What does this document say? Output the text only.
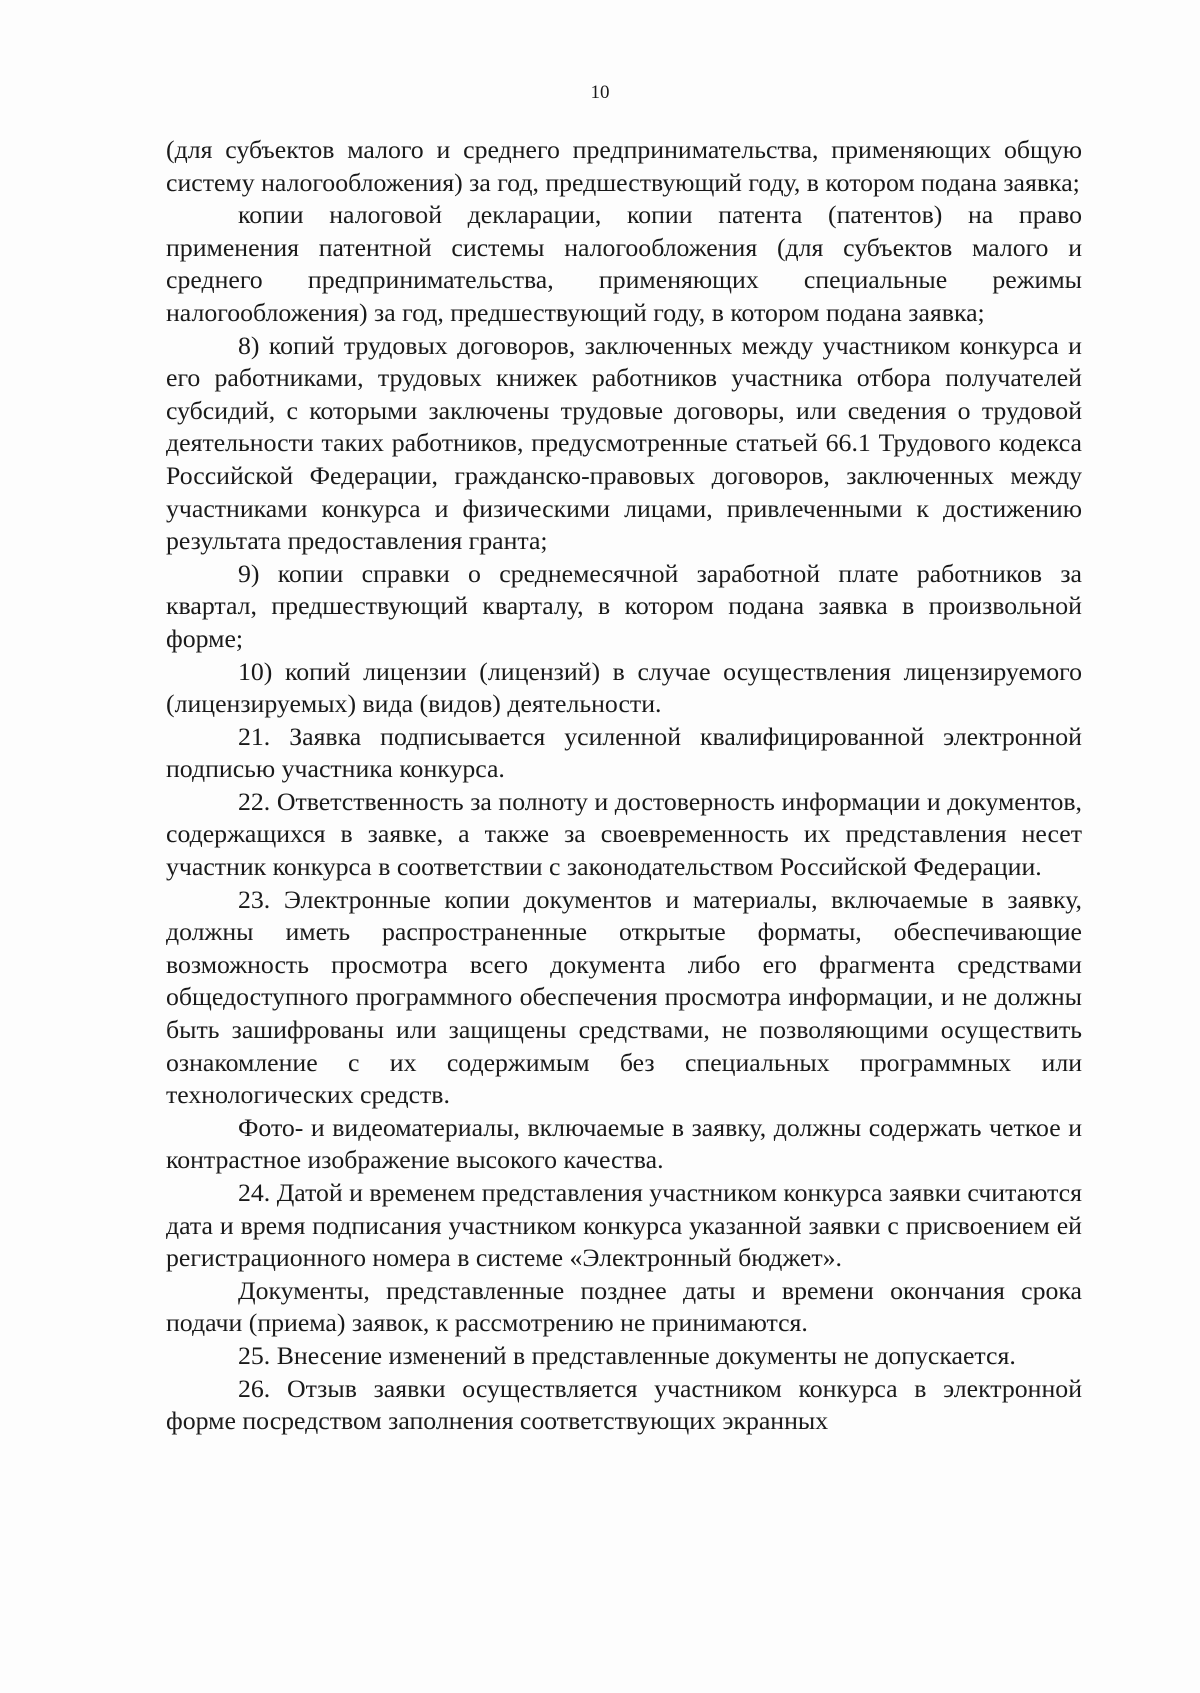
10

(для субъектов малого и среднего предпринимательства, применяющих общую систему налогообложения) за год, предшествующий году, в котором подана заявка;

копии налоговой декларации, копии патента (патентов) на право применения патентной системы налогообложения (для субъектов малого и среднего предпринимательства, применяющих специальные режимы налогообложения) за год, предшествующий году, в котором подана заявка;

8) копий трудовых договоров, заключенных между участником конкурса и его работниками, трудовых книжек работников участника отбора получателей субсидий, с которыми заключены трудовые договоры, или сведения о трудовой деятельности таких работников, предусмотренные статьей 66.1 Трудового кодекса Российской Федерации, гражданско-правовых договоров, заключенных между участниками конкурса и физическими лицами, привлеченными к достижению результата предоставления гранта;

9) копии справки о среднемесячной заработной плате работников за квартал, предшествующий кварталу, в котором подана заявка в произвольной форме;

10) копий лицензии (лицензий) в случае осуществления лицензируемого (лицензируемых) вида (видов) деятельности.

21. Заявка подписывается усиленной квалифицированной электронной подписью участника конкурса.

22. Ответственность за полноту и достоверность информации и документов, содержащихся в заявке, а также за своевременность их представления несет участник конкурса в соответствии с законодательством Российской Федерации.

23. Электронные копии документов и материалы, включаемые в заявку, должны иметь распространенные открытые форматы, обеспечивающие возможность просмотра всего документа либо его фрагмента средствами общедоступного программного обеспечения просмотра информации, и не должны быть зашифрованы или защищены средствами, не позволяющими осуществить ознакомление с их содержимым без специальных программных или технологических средств.

Фото- и видеоматериалы, включаемые в заявку, должны содержать четкое и контрастное изображение высокого качества.

24. Датой и временем представления участником конкурса заявки считаются дата и время подписания участником конкурса указанной заявки с присвоением ей регистрационного номера в системе «Электронный бюджет».

Документы, представленные позднее даты и времени окончания срока подачи (приема) заявок, к рассмотрению не принимаются.

25. Внесение изменений в представленные документы не допускается.

26. Отзыв заявки осуществляется участником конкурса в электронной форме посредством заполнения соответствующих экранных
